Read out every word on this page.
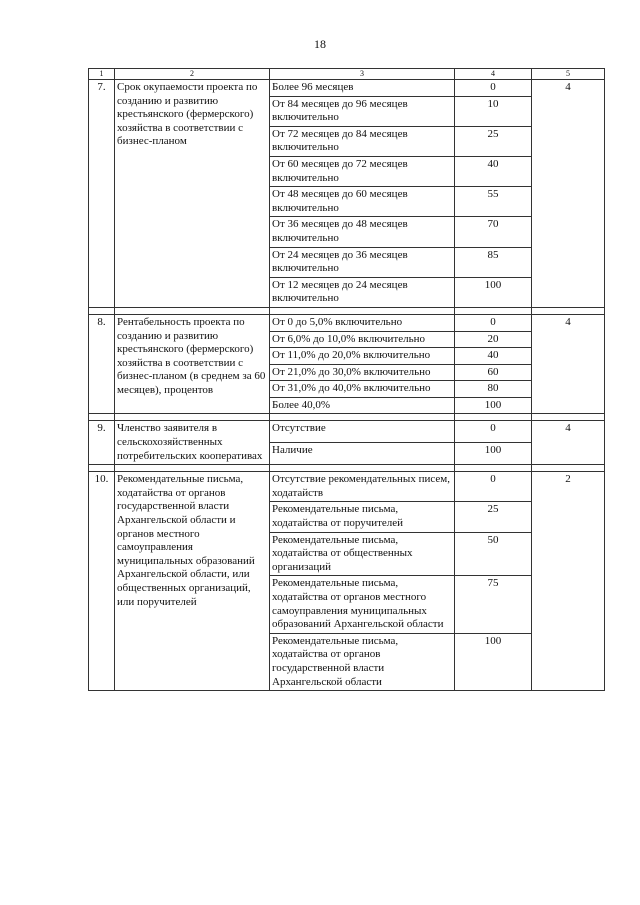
18
1	2	3	4	5
7.	Срок окупаемости проекта по созданию и развитию крестьянского (фермерского) хозяйства в соответствии с бизнес-планом	Более 96 месяцев	0	4
		От 84 месяцев до 96 месяцев включительно	10	
		От 72 месяцев до 84 месяцев включительно	25	
		От 60 месяцев до 72 месяцев включительно	40	
		От 48 месяцев до 60 месяцев включительно	55	
		От 36 месяцев до 48 месяцев включительно	70	
		От 24 месяцев до 36 месяцев включительно	85	
		От 12 месяцев до 24 месяцев включительно	100	

8.	Рентабельность проекта по созданию и развитию крестьянского (фермерского) хозяйства в соответствии с бизнес-планом (в среднем за 60 месяцев), процентов	От 0 до 5,0% включительно	0	4
		От 6,0% до 10,0% включительно	20	
		От 11,0% до 20,0% включительно	40	
		От 21,0% до 30,0% включительно	60	
		От 31,0% до 40,0% включительно	80	
		Более 40,0%	100	

9.	Членство заявителя в сельскохозяйственных потребительских кооперативах	Отсутствие	0	4
		Наличие	100	

10.	Рекомендательные письма, ходатайства от органов государственной власти Архангельской области и органов местного самоуправления муниципальных образований Архангельской области, или общественных организаций, или поручителей	Отсутствие рекомендательных писем, ходатайств	0	2
		Рекомендательные письма, ходатайства от поручителей	25	
		Рекомендательные письма, ходатайства от общественных организаций	50	
		Рекомендательные письма, ходатайства от органов местного самоуправления муниципальных образований Архангельской области	75	
		Рекомендательные письма, ходатайства от органов государственной власти Архангельской области	100	
